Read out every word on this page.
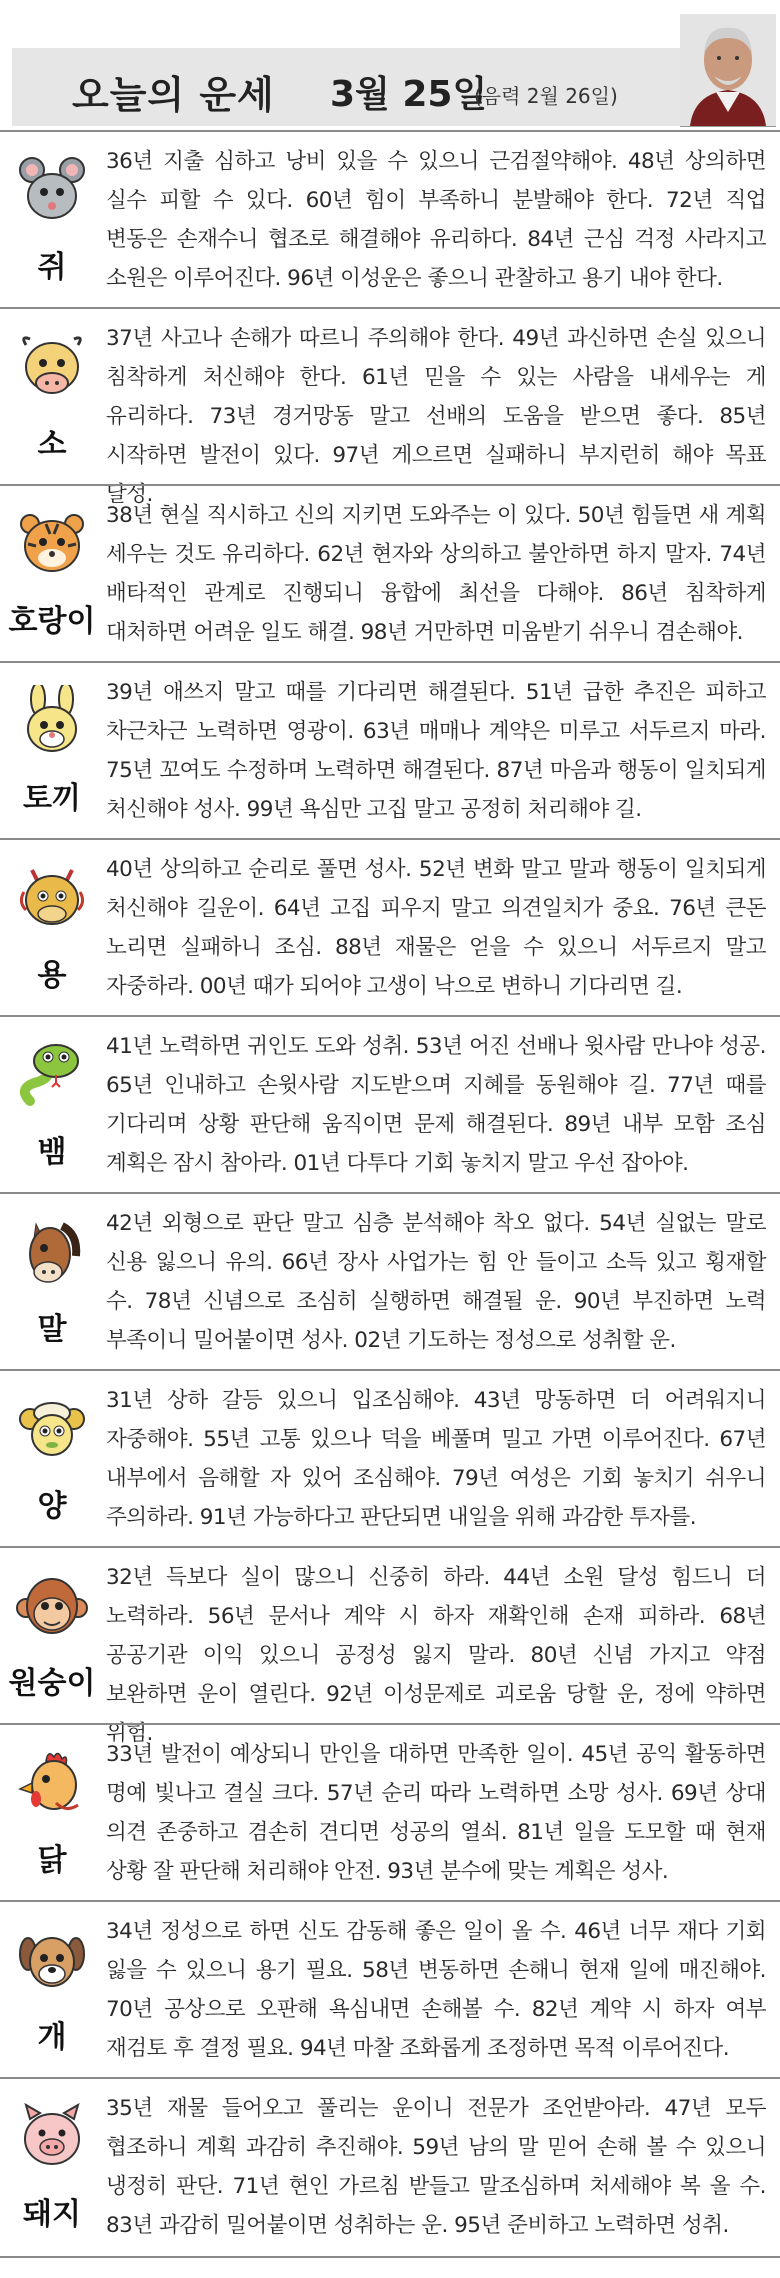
오늘의 운세 3월 25일
(음력 2월 26일)
쥐
36년 지출 심하고 낭비 있을 수 있으니 근검절약해야. 48년 상의하면 실수 피할 수 있다. 60년 힘이 부족하니 분발해야 한다. 72년 직업 변동은 손재수니 협조로 해결해야 유리하다. 84년 근심 걱정 사라지고 소원은 이루어진다. 96년 이성운은 좋으니 관찰하고 용기 내야 한다.
소
37년 사고나 손해가 따르니 주의해야 한다. 49년 과신하면 손실 있으니 침착하게 처신해야 한다. 61년 믿을 수 있는 사람을 내세우는 게 유리하다. 73년 경거망동 말고 선배의 도움을 받으면 좋다. 85년 시작하면 발전이 있다. 97년 게으르면 실패하니 부지런히 해야 목표 달성.
호랑이
38년 현실 직시하고 신의 지키면 도와주는 이 있다. 50년 힘들면 새 계획 세우는 것도 유리하다. 62년 현자와 상의하고 불안하면 하지 말자. 74년 배타적인 관계로 진행되니 융합에 최선을 다해야. 86년 침착하게 대처하면 어려운 일도 해결. 98년 거만하면 미움받기 쉬우니 겸손해야.
토끼
39년 애쓰지 말고 때를 기다리면 해결된다. 51년 급한 추진은 피하고 차근차근 노력하면 영광이. 63년 매매나 계약은 미루고 서두르지 마라. 75년 꼬여도 수정하며 노력하면 해결된다. 87년 마음과 행동이 일치되게 처신해야 성사. 99년 욕심만 고집 말고 공정히 처리해야 길.
용
40년 상의하고 순리로 풀면 성사. 52년 변화 말고 말과 행동이 일치되게 처신해야 길운이. 64년 고집 피우지 말고 의견일치가 중요. 76년 큰돈 노리면 실패하니 조심. 88년 재물은 얻을 수 있으니 서두르지 말고 자중하라. 00년 때가 되어야 고생이 낙으로 변하니 기다리면 길.
뱀
41년 노력하면 귀인도 도와 성취. 53년 어진 선배나 윗사람 만나야 성공. 65년 인내하고 손윗사람 지도받으며 지혜를 동원해야 길. 77년 때를 기다리며 상황 판단해 움직이면 문제 해결된다. 89년 내부 모함 조심 계획은 잠시 참아라. 01년 다투다 기회 놓치지 말고 우선 잡아야.
말
42년 외형으로 판단 말고 심층 분석해야 착오 없다. 54년 실없는 말로 신용 잃으니 유의. 66년 장사 사업가는 힘 안 들이고 소득 있고 횡재할 수. 78년 신념으로 조심히 실행하면 해결될 운. 90년 부진하면 노력 부족이니 밀어붙이면 성사. 02년 기도하는 정성으로 성취할 운.
양
31년 상하 갈등 있으니 입조심해야. 43년 망동하면 더 어려워지니 자중해야. 55년 고통 있으나 덕을 베풀며 밀고 가면 이루어진다. 67년 내부에서 음해할 자 있어 조심해야. 79년 여성은 기회 놓치기 쉬우니 주의하라. 91년 가능하다고 판단되면 내일을 위해 과감한 투자를.
원숭이
32년 득보다 실이 많으니 신중히 하라. 44년 소원 달성 힘드니 더 노력하라. 56년 문서나 계약 시 하자 재확인해 손재 피하라. 68년 공공기관 이익 있으니 공정성 잃지 말라. 80년 신념 가지고 약점 보완하면 운이 열린다. 92년 이성문제로 괴로움 당할 운, 정에 약하면 위험.
닭
33년 발전이 예상되니 만인을 대하면 만족한 일이. 45년 공익 활동하면 명예 빛나고 결실 크다. 57년 순리 따라 노력하면 소망 성사. 69년 상대 의견 존중하고 겸손히 견디면 성공의 열쇠. 81년 일을 도모할 때 현재 상황 잘 판단해 처리해야 안전. 93년 분수에 맞는 계획은 성사.
개
34년 정성으로 하면 신도 감동해 좋은 일이 올 수. 46년 너무 재다 기회 잃을 수 있으니 용기 필요. 58년 변동하면 손해니 현재 일에 매진해야. 70년 공상으로 오판해 욕심내면 손해볼 수. 82년 계약 시 하자 여부 재검토 후 결정 필요. 94년 마찰 조화롭게 조정하면 목적 이루어진다.
돼지
35년 재물 들어오고 풀리는 운이니 전문가 조언받아라. 47년 모두 협조하니 계획 과감히 추진해야. 59년 남의 말 믿어 손해 볼 수 있으니 냉정히 판단. 71년 현인 가르침 받들고 말조심하며 처세해야 복 올 수. 83년 과감히 밀어붙이면 성취하는 운. 95년 준비하고 노력하면 성취.
